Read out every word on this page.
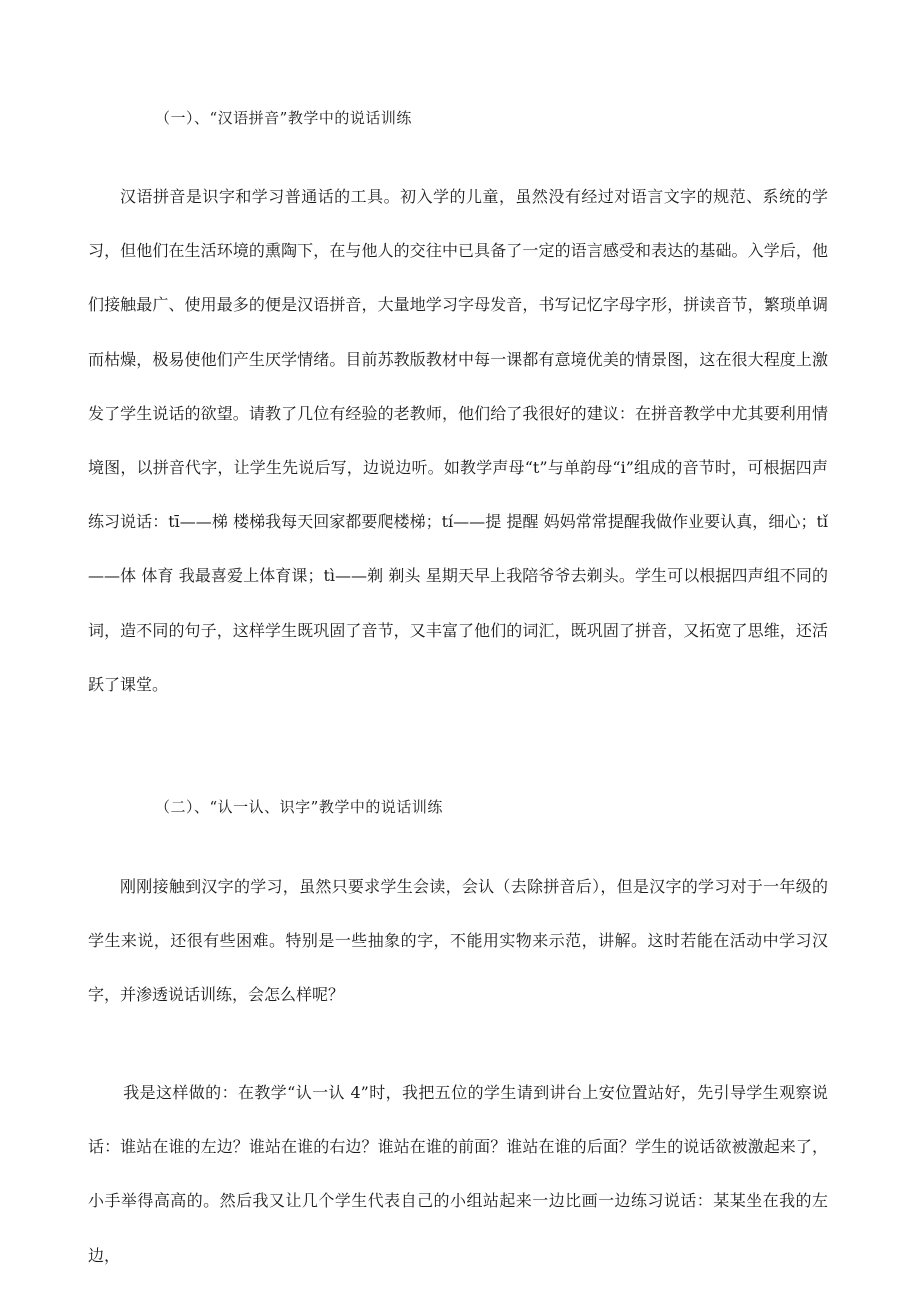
（一）、“汉语拼音”教学中的说话训练

汉语拼音是识字和学习普通话的工具。初入学的儿童，虽然没有经过对语言文字的规范、系统的学习，但他们在生活环境的熏陶下，在与他人的交往中已具备了一定的语言感受和表达的基础。入学后，他们接触最广、使用最多的便是汉语拼音，大量地学习字母发音，书写记忆字母字形，拼读音节，繁琐单调而枯燥，极易使他们产生厌学情绪。目前苏教版教材中每一课都有意境优美的情景图，这在很大程度上激发了学生说话的欲望。请教了几位有经验的老教师，他们给了我很好的建议：在拼音教学中尤其要利用情境图，以拼音代字，让学生先说后写，边说边听。如教学声母“t”与单韵母“i”组成的音节时，可根据四声练习说话：tī——梯 楼梯我每天回家都要爬楼梯；tí——提 提醒 妈妈常常提醒我做作业要认真，细心；tǐ——体 体育 我最喜爱上体育课；tì——剃 剃头 星期天早上我陪爷爷去剃头。学生可以根据四声组不同的词，造不同的句子，这样学生既巩固了音节，又丰富了他们的词汇，既巩固了拼音，又拓宽了思维，还活跃了课堂。

（二）、“认一认、识字”教学中的说话训练

刚刚接触到汉字的学习，虽然只要求学生会读，会认（去除拼音后），但是汉字的学习对于一年级的学生来说，还很有些困难。特别是一些抽象的字，不能用实物来示范，讲解。这时若能在活动中学习汉字，并渗透说话训练，会怎么样呢？

我是这样做的：在教学“认一认 4”时，我把五位的学生请到讲台上安位置站好，先引导学生观察说话：谁站在谁的左边？谁站在谁的右边？谁站在谁的前面？谁站在谁的后面？学生的说话欲被激起来了，小手举得高高的。然后我又让几个学生代表自己的小组站起来一边比画一边练习说话：某某坐在我的左边，
